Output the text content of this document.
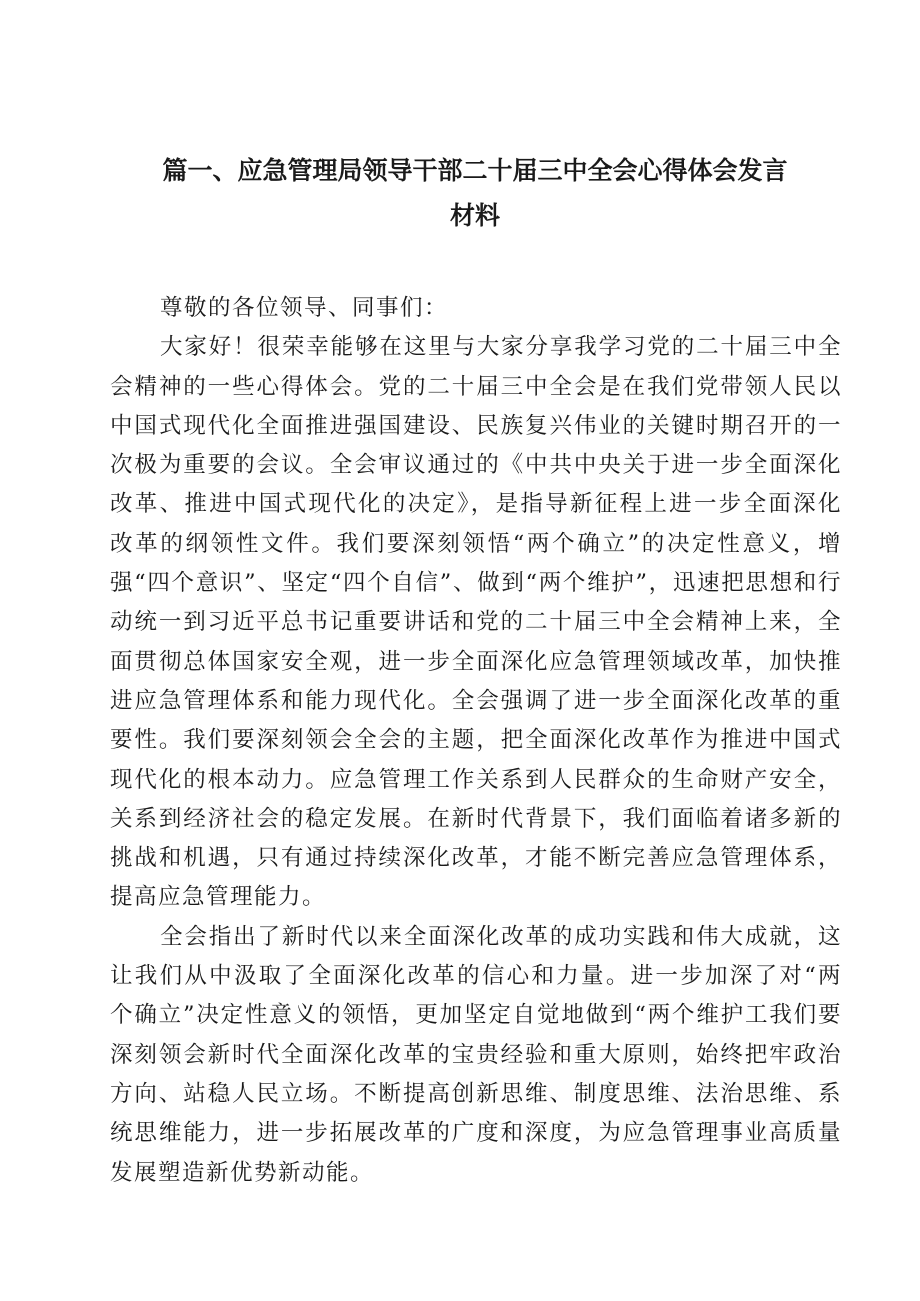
篇一、应急管理局领导干部二十届三中全会心得体会发言
材料

尊敬的各位领导、同事们：

大家好！很荣幸能够在这里与大家分享我学习党的二十届三中全会精神的一些心得体会。党的二十届三中全会是在我们党带领人民以中国式现代化全面推进强国建设、民族复兴伟业的关键时期召开的一次极为重要的会议。全会审议通过的《中共中央关于进一步全面深化改革、推进中国式现代化的决定》，是指导新征程上进一步全面深化改革的纲领性文件。我们要深刻领悟“两个确立”的决定性意义，增强“四个意识”、坚定“四个自信”、做到“两个维护”，迅速把思想和行动统一到习近平总书记重要讲话和党的二十届三中全会精神上来，全面贯彻总体国家安全观，进一步全面深化应急管理领域改革，加快推进应急管理体系和能力现代化。全会强调了进一步全面深化改革的重要性。我们要深刻领会全会的主题，把全面深化改革作为推进中国式现代化的根本动力。应急管理工作关系到人民群众的生命财产安全，关系到经济社会的稳定发展。在新时代背景下，我们面临着诸多新的挑战和机遇，只有通过持续深化改革，才能不断完善应急管理体系，提高应急管理能力。

全会指出了新时代以来全面深化改革的成功实践和伟大成就，这让我们从中汲取了全面深化改革的信心和力量。进一步加深了对“两个确立”决定性意义的领悟，更加坚定自觉地做到“两个维护工我们要深刻领会新时代全面深化改革的宝贵经验和重大原则，始终把牢政治方向、站稳人民立场。不断提高创新思维、制度思维、法治思维、系统思维能力，进一步拓展改革的广度和深度，为应急管理事业高质量发展塑造新优势新动能。
